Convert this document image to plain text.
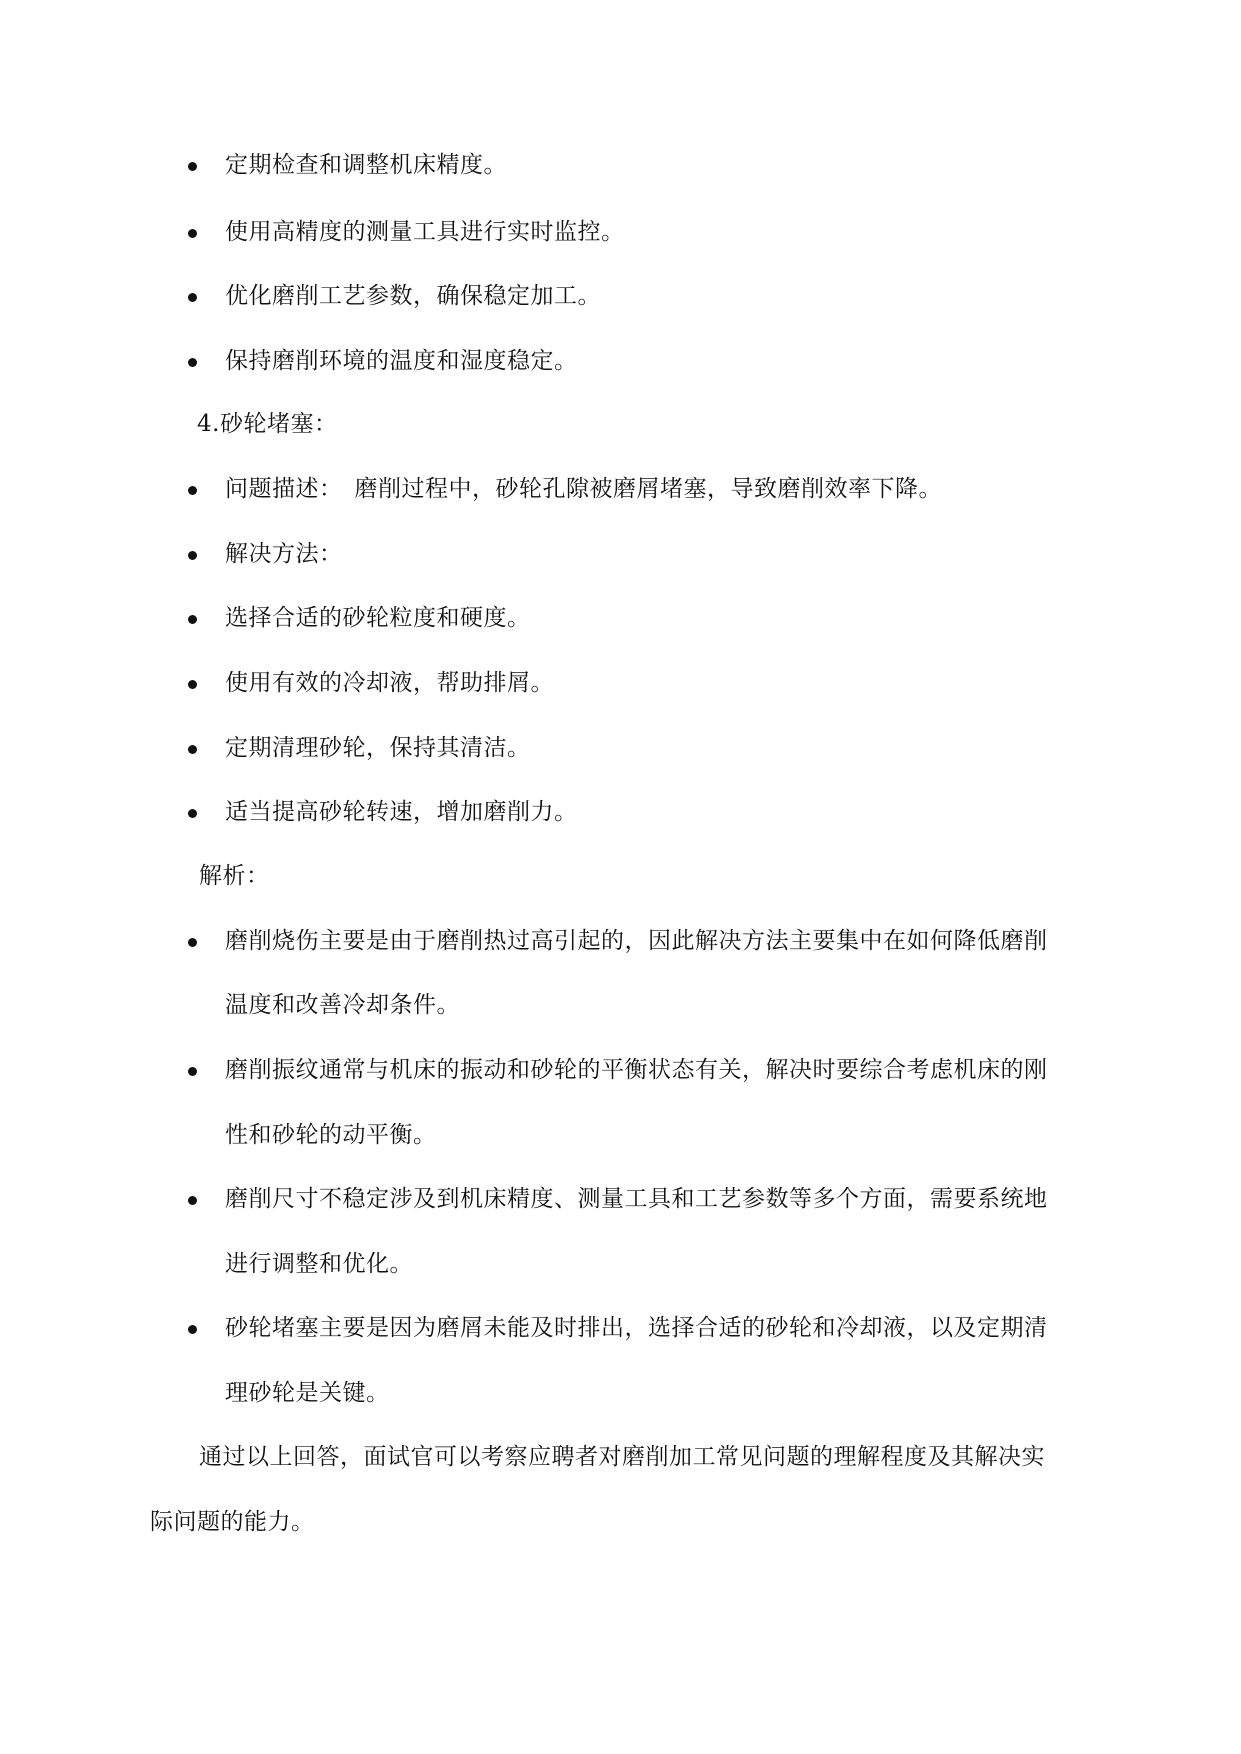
定期检查和调整机床精度。
使用高精度的测量工具进行实时监控。
优化磨削工艺参数，确保稳定加工。
保持磨削环境的温度和湿度稳定。
4.砂轮堵塞：
问题描述：　磨削过程中，砂轮孔隙被磨屑堵塞，导致磨削效率下降。
解决方法：
选择合适的砂轮粒度和硬度。
使用有效的冷却液，帮助排屑。
定期清理砂轮，保持其清洁。
适当提高砂轮转速，增加磨削力。
解析：
磨削烧伤主要是由于磨削热过高引起的，因此解决方法主要集中在如何降低磨削
温度和改善冷却条件。
磨削振纹通常与机床的振动和砂轮的平衡状态有关，解决时要综合考虑机床的刚
性和砂轮的动平衡。
磨削尺寸不稳定涉及到机床精度、测量工具和工艺参数等多个方面，需要系统地
进行调整和优化。
砂轮堵塞主要是因为磨屑未能及时排出，选择合适的砂轮和冷却液，以及定期清
理砂轮是关键。
通过以上回答，面试官可以考察应聘者对磨削加工常见问题的理解程度及其解决实
际问题的能力。
